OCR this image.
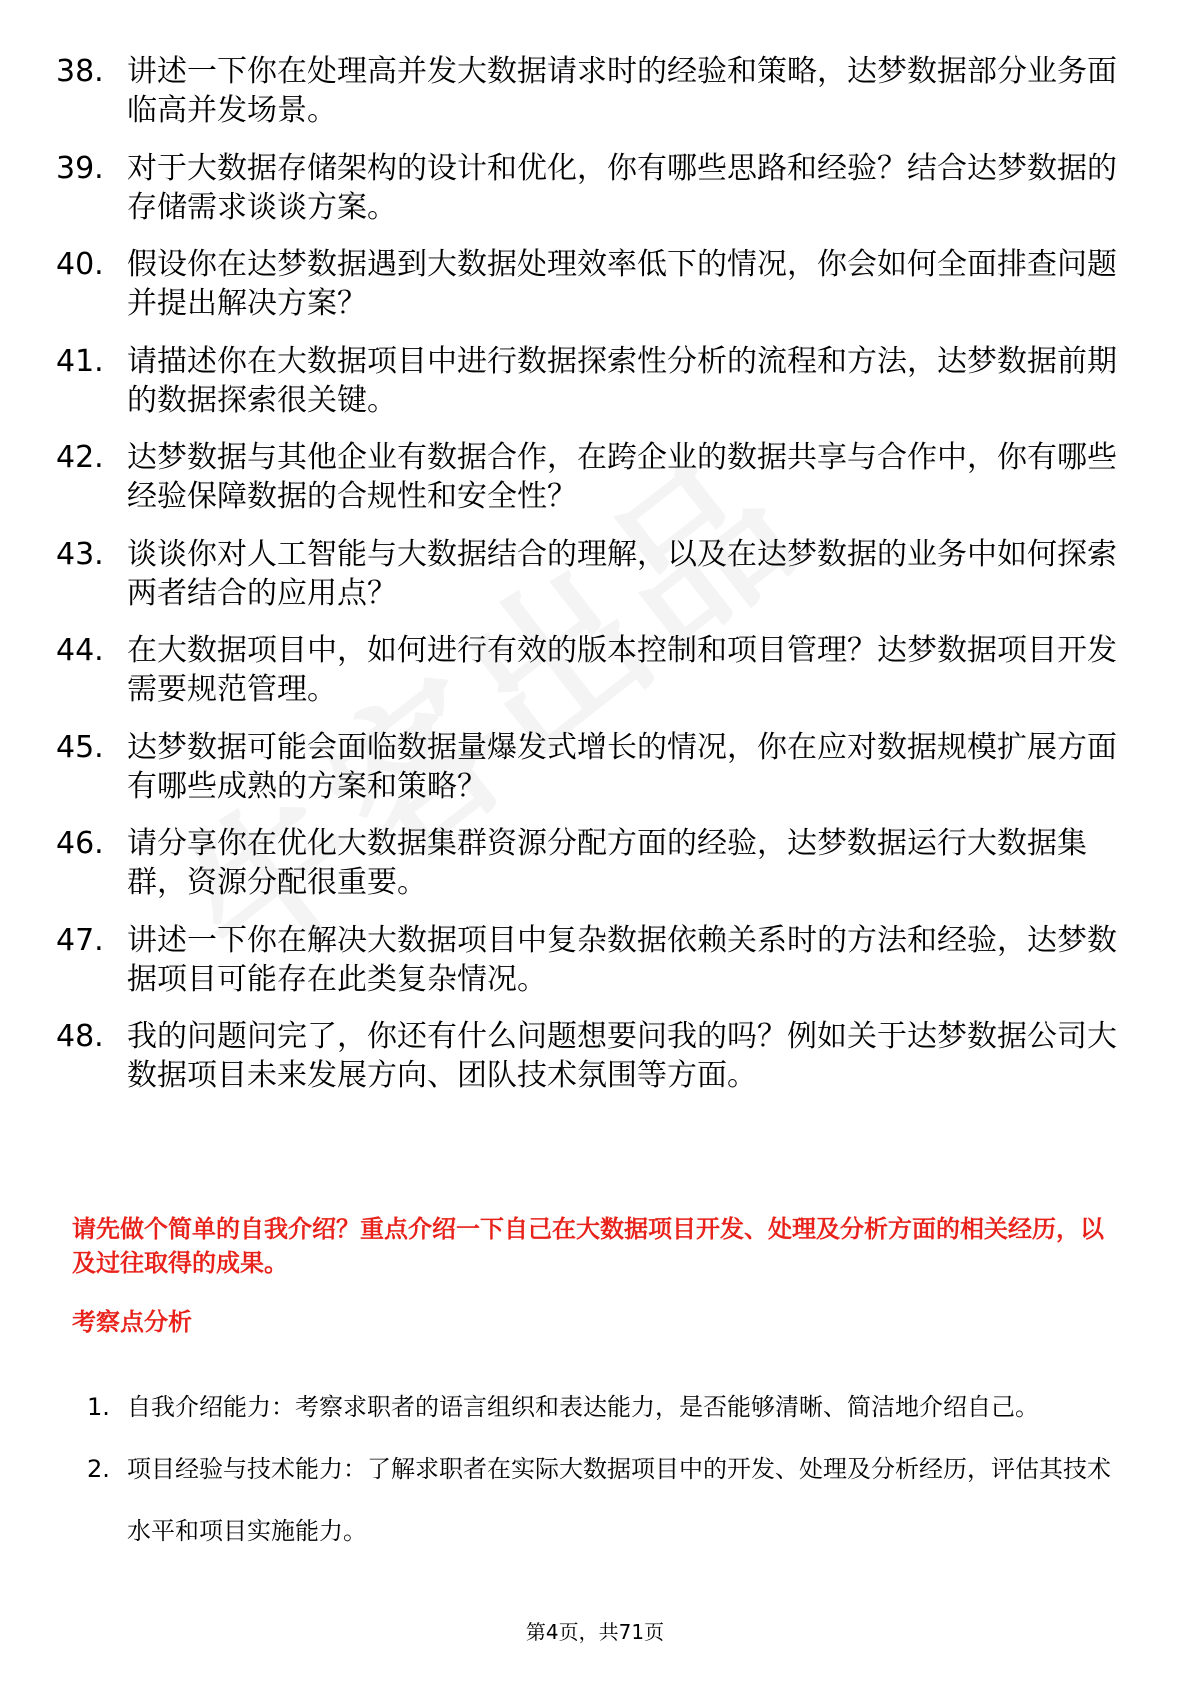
38. 讲述一下你在处理高并发大数据请求时的经验和策略，达梦数据部分业务面临高并发场景。
39. 对于大数据存储架构的设计和优化，你有哪些思路和经验？结合达梦数据的存储需求谈谈方案。
40. 假设你在达梦数据遇到大数据处理效率低下的情况，你会如何全面排查问题并提出解决方案？
41. 请描述你在大数据项目中进行数据探索性分析的流程和方法，达梦数据前期的数据探索很关键。
42. 达梦数据与其他企业有数据合作，在跨企业的数据共享与合作中，你有哪些经验保障数据的合规性和安全性？
43. 谈谈你对人工智能与大数据结合的理解，以及在达梦数据的业务中如何探索两者结合的应用点？
44. 在大数据项目中，如何进行有效的版本控制和项目管理？达梦数据项目开发需要规范管理。
45. 达梦数据可能会面临数据量爆发式增长的情况，你在应对数据规模扩展方面有哪些成熟的方案和策略？
46. 请分享你在优化大数据集群资源分配方面的经验，达梦数据运行大数据集群，资源分配很重要。
47. 讲述一下你在解决大数据项目中复杂数据依赖关系时的方法和经验，达梦数据项目可能存在此类复杂情况。
48. 我的问题问完了，你还有什么问题想要问我的吗？例如关于达梦数据公司大数据项目未来发展方向、团队技术氛围等方面。
请先做个简单的自我介绍？重点介绍一下自己在大数据项目开发、处理及分析方面的相关经历，以及过往取得的成果。
考察点分析
1. 自我介绍能力：考察求职者的语言组织和表达能力，是否能够清晰、简洁地介绍自己。
2. 项目经验与技术能力：了解求职者在实际大数据项目中的开发、处理及分析经历，评估其技术水平和项目实施能力。
第4页，共71页
